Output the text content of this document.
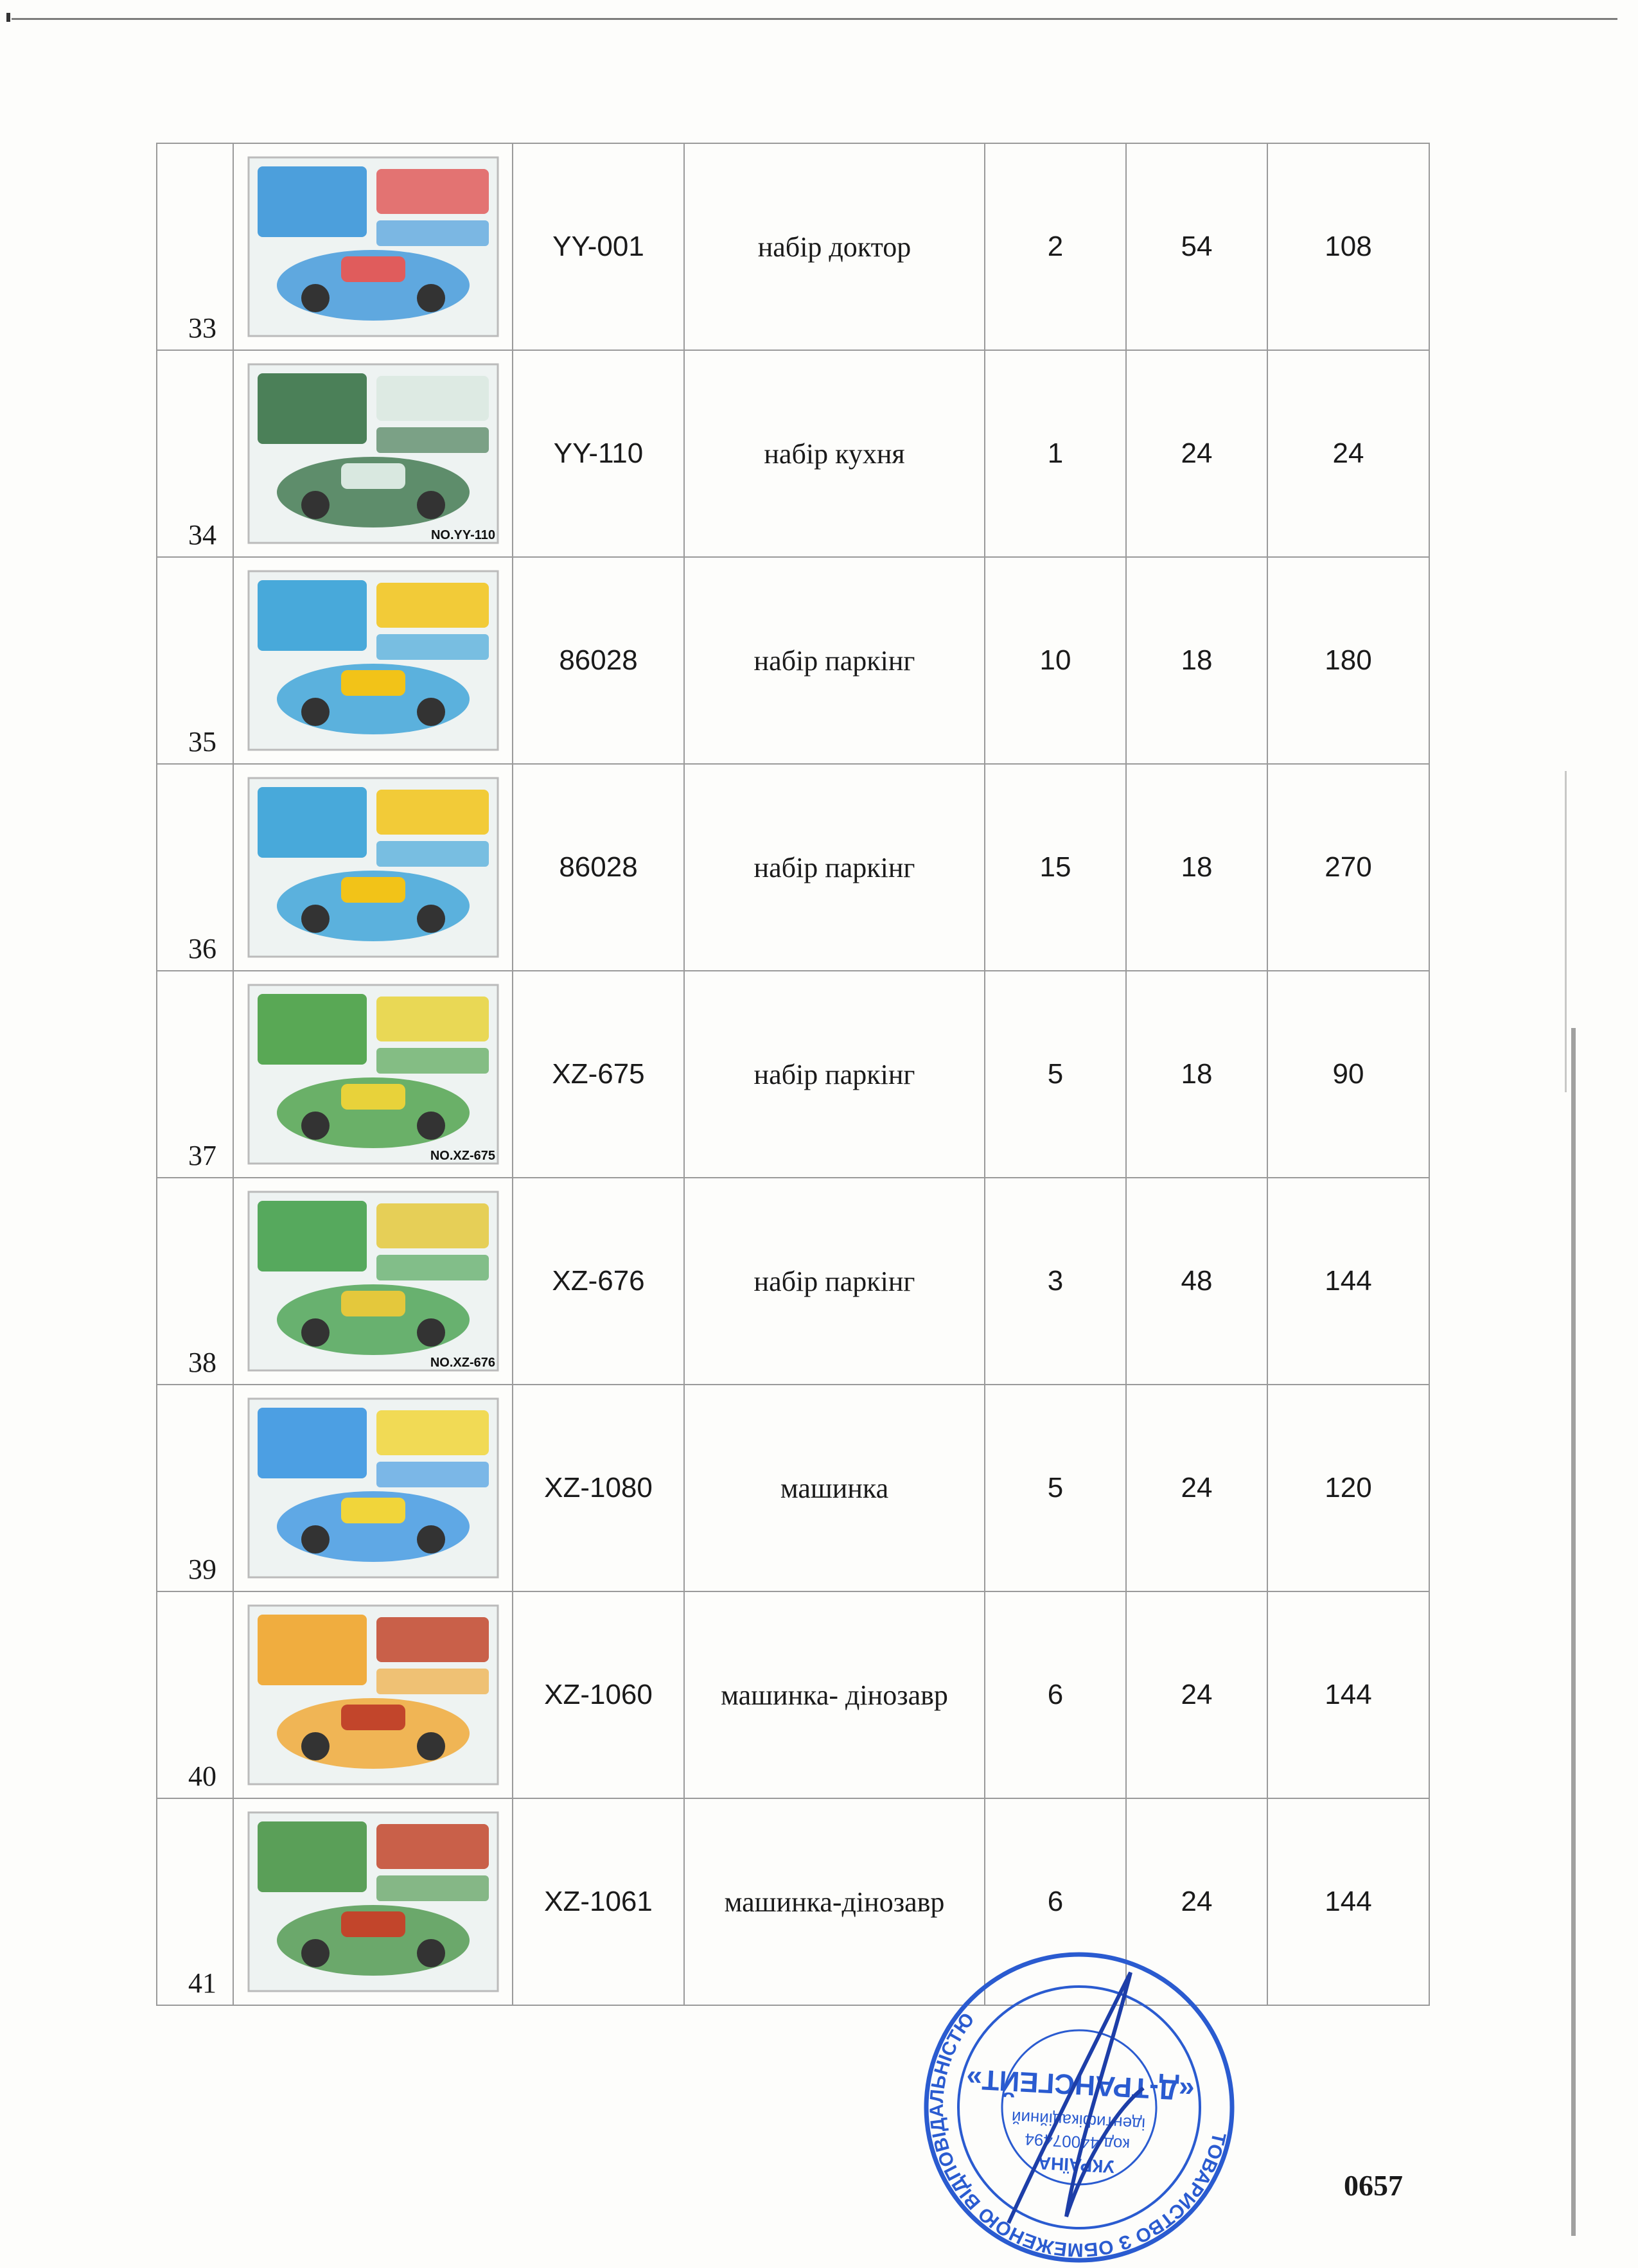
33		YY-001	набір доктор	2	54	108

34	NO.YY-110	YY-110	набір кухня	1	24	24

35		86028	набір паркінг	10	18	180

36		86028	набір паркінг	15	18	270

37	NO.XZ-675	XZ-675	набір паркінг	5	18	90

38	NO.XZ-676	XZ-676	набір паркінг	3	48	144

39		XZ-1080	машинка	5	24	120

40		XZ-1060	машинка- дінозавр	6	24	144

41		XZ-1061	машинка-дінозавр	6	24	144
0657
ТОВАРИСТВО З ОБМЕЖЕНОЮ ВІДПОВІДАЛЬНІСТЮ
УКРАЇНА
код 44007494
ідентифікаційний
«Д-ТРАНСГЕЙТ»
